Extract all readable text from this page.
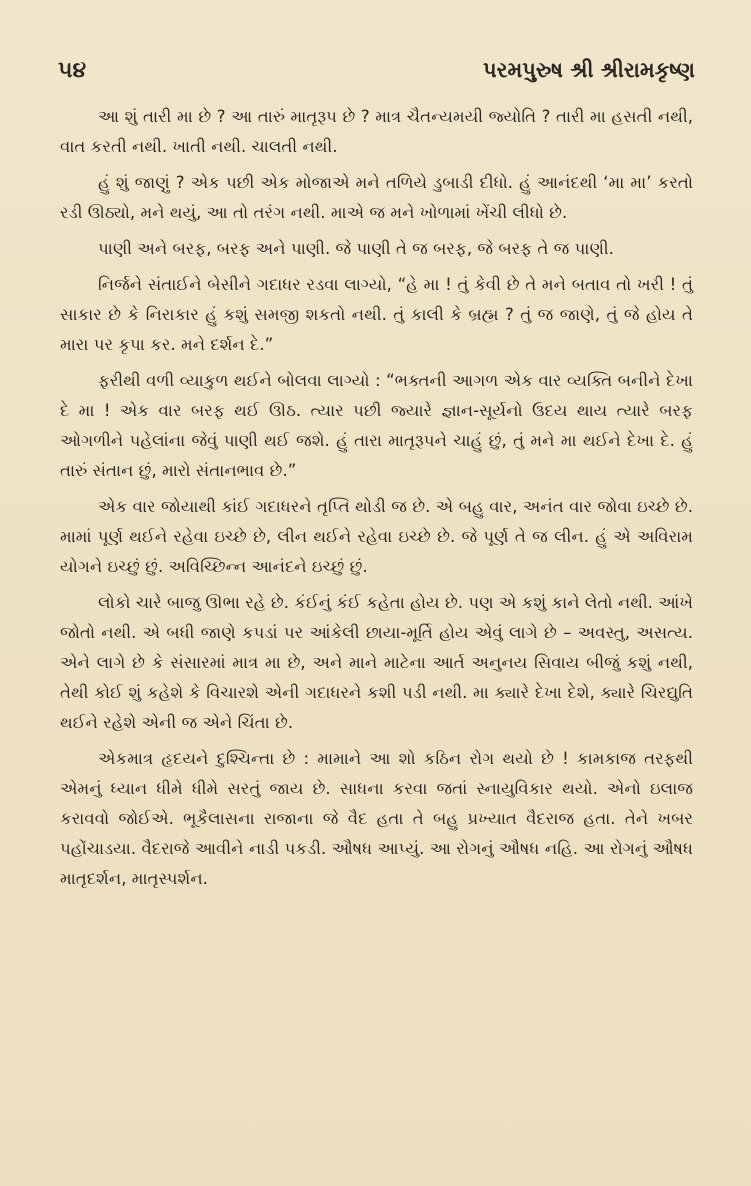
૫૪	પરમપુરુષ શ્રી શ્રીરામકૃષ્ણ

આ શું તારી મા છે ? આ તારું માતૃરૂપ છે ? માત્ર ચૈતન્યમયી જ્યોતિ ? તારી મા હસતી નથી, વાત કરતી નથી. ખાતી નથી. ચાલતી નથી.

હું શું જાણું ? એક પછી એક મોજાએ મને તળિયે ડુબાડી દીધો. હું આનંદથી ‘મા મા’ કરતો રડી ઊઠ્યો, મને થયું, આ તો તરંગ નથી. માએ જ મને ખોળામાં ખેંચી લીધો છે.

પાણી અને બરફ, બરફ અને પાણી. જે પાણી તે જ બરફ, જે બરફ તે જ પાણી.

નિર્જને સંતાઈને બેસીને ગદાધર રડવા લાગ્યો, “હે મા ! તું કેવી છે તે મને બતાવ તો ખરી ! તું સાકાર છે કે નિરાકાર હું કશું સમજી શકતો નથી. તું કાલી કે બ્રહ્મ ? તું જ જાણે, તું જે હોય તે મારા પર કૃપા કર. મને દર્શન દે.”

ફરીથી વળી વ્યાકુળ થઈને બોલવા લાગ્યો : “ભક્તની આગળ એક વાર વ્યક્તિ બનીને દેખા દે મા ! એક વાર બરફ થઈ ઊઠ. ત્યાર પછી જ્યારે જ્ઞાન-સૂર્યનો ઉદય થાય ત્યારે બરફ ઓગળીને પહેલાંના જેવું પાણી થઈ જશે. હું તારા માતૃરૂપને ચાહું છું, તું મને મા થઈને દેખા દે. હું તારું સંતાન છું, મારો સંતાનભાવ છે.”

એક વાર જોયાથી કાંઈ ગદાધરને તૃપ્તિ થોડી જ છે. એ બહુ વાર, અનંત વાર જોવા ઇચ્છે છે. મામાં પૂર્ણ થઈને રહેવા ઇચ્છે છે, લીન થઈને રહેવા ઇચ્છે છે. જે પૂર્ણ તે જ લીન. હું એ અવિરામ યોગને ઇચ્છું છું. અવિચ્છિન્ન આનંદને ઇચ્છું છું.

લોકો ચારે બાજુ ઊભા રહે છે. કંઈનું કંઈ કહેતા હોય છે. પણ એ કશું કાને લેતો નથી. આંખે જોતો નથી. એ બધી જાણે કપડાં પર આંકેલી છાયા-મૂર્તિ હોય એવું લાગે છે – અવસ્તુ, અસત્ય. એને લાગે છે કે સંસારમાં માત્ર મા છે, અને માને માટેના આર્ત અનુનય સિવાય બીજું કશું નથી, તેથી કોઈ શું કહેશે કે વિચારશે એની ગદાધરને કશી પડી નથી. મા ક્યારે દેખા દેશે, ક્યારે ચિરદ્યુતિ થઈને રહેશે એની જ એને ચિંતા છે.

એકમાત્ર હૃદયને દુશ્ચિન્તા છે : મામાને આ શો કઠિન રોગ થયો છે ! કામકાજ તરફથી એમનું ધ્યાન ધીમે ધીમે સરતું જાય છે. સાધના કરવા જતાં સ્નાયુવિકાર થયો. એનો ઇલાજ કરાવવો જોઈએ. ભૂકૈલાસના રાજાના જે વૈદ હતા તે બહુ પ્રખ્યાત વૈદરાજ હતા. તેને ખબર પહોંચાડયા. વૈદરાજે આવીને નાડી પકડી. ઔષધ આપ્યું. આ રોગનું ઔષધ નહિ. આ રોગનું ઔષધ માતૃદર્શન, માતૃસ્પર્શન.
